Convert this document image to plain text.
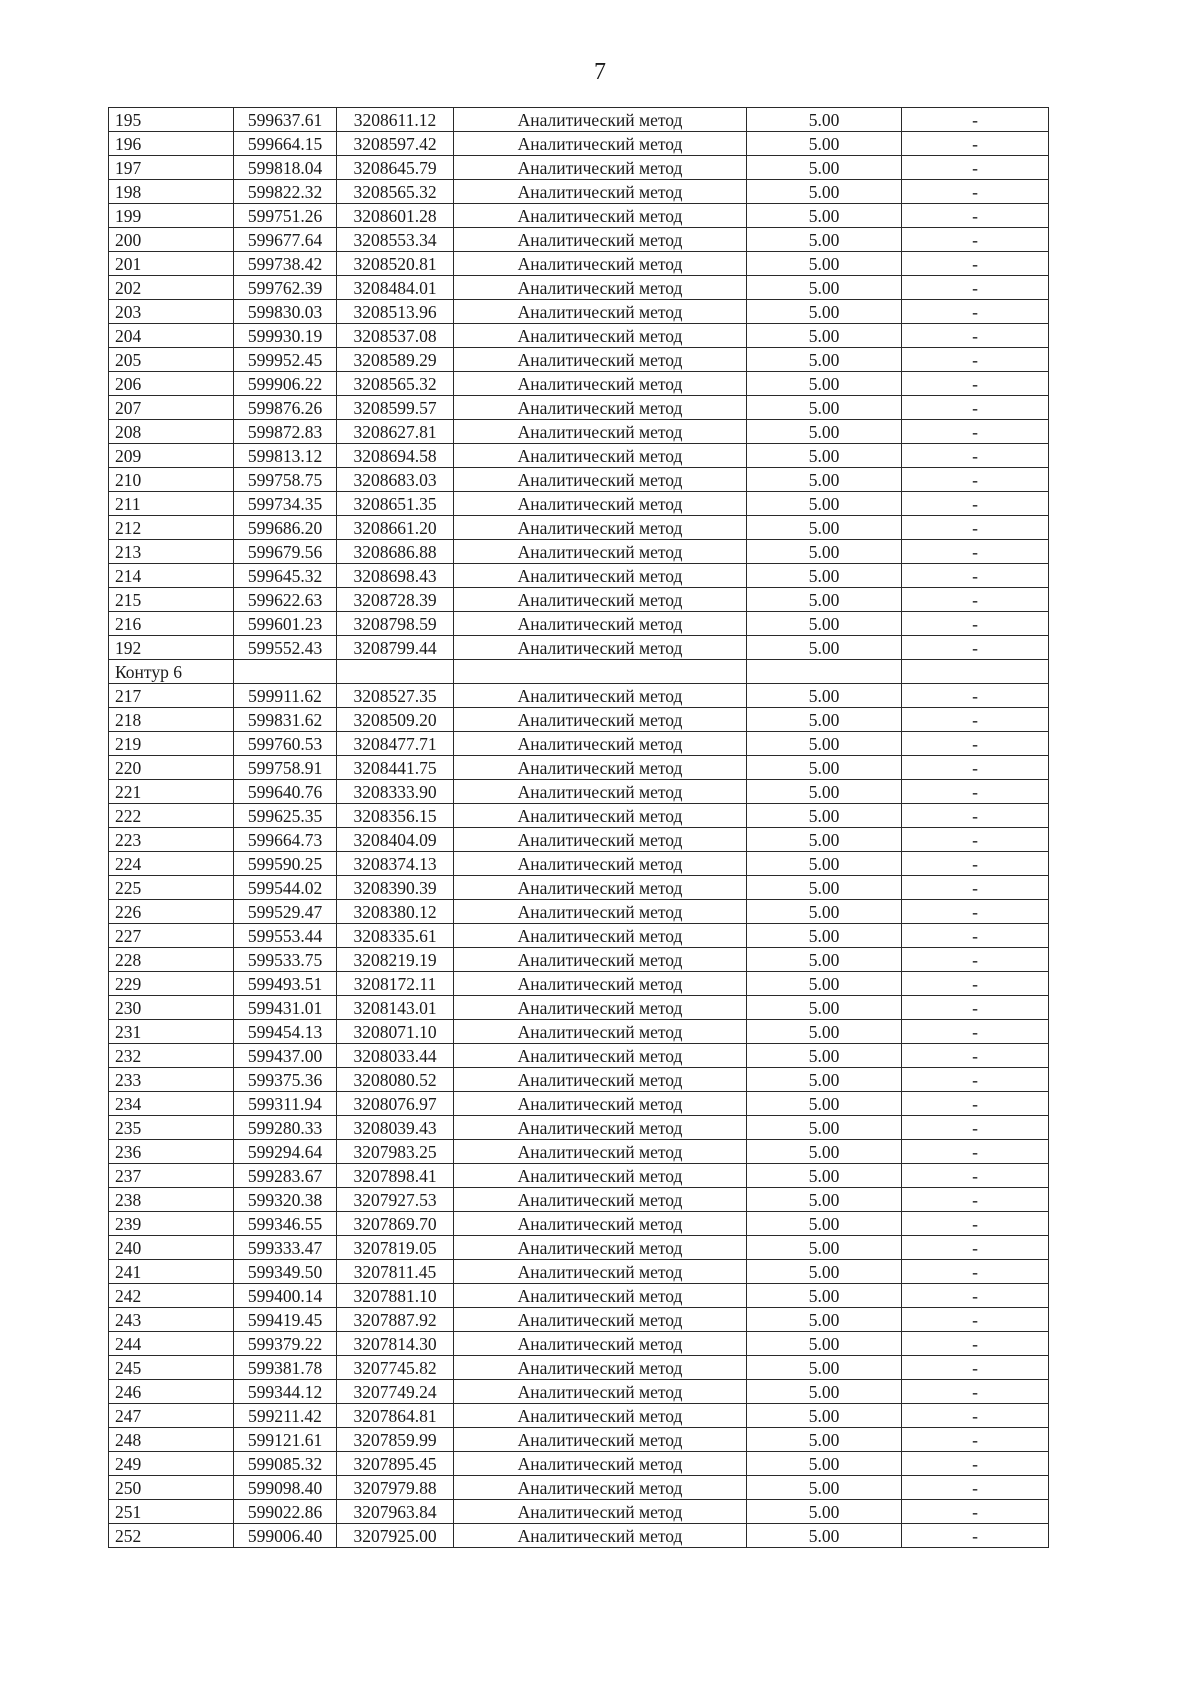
7
195	599637.61	3208611.12	Аналитический метод	5.00	-
196	599664.15	3208597.42	Аналитический метод	5.00	-
197	599818.04	3208645.79	Аналитический метод	5.00	-
198	599822.32	3208565.32	Аналитический метод	5.00	-
199	599751.26	3208601.28	Аналитический метод	5.00	-
200	599677.64	3208553.34	Аналитический метод	5.00	-
201	599738.42	3208520.81	Аналитический метод	5.00	-
202	599762.39	3208484.01	Аналитический метод	5.00	-
203	599830.03	3208513.96	Аналитический метод	5.00	-
204	599930.19	3208537.08	Аналитический метод	5.00	-
205	599952.45	3208589.29	Аналитический метод	5.00	-
206	599906.22	3208565.32	Аналитический метод	5.00	-
207	599876.26	3208599.57	Аналитический метод	5.00	-
208	599872.83	3208627.81	Аналитический метод	5.00	-
209	599813.12	3208694.58	Аналитический метод	5.00	-
210	599758.75	3208683.03	Аналитический метод	5.00	-
211	599734.35	3208651.35	Аналитический метод	5.00	-
212	599686.20	3208661.20	Аналитический метод	5.00	-
213	599679.56	3208686.88	Аналитический метод	5.00	-
214	599645.32	3208698.43	Аналитический метод	5.00	-
215	599622.63	3208728.39	Аналитический метод	5.00	-
216	599601.23	3208798.59	Аналитический метод	5.00	-
192	599552.43	3208799.44	Аналитический метод	5.00	-
Контур 6					
217	599911.62	3208527.35	Аналитический метод	5.00	-
218	599831.62	3208509.20	Аналитический метод	5.00	-
219	599760.53	3208477.71	Аналитический метод	5.00	-
220	599758.91	3208441.75	Аналитический метод	5.00	-
221	599640.76	3208333.90	Аналитический метод	5.00	-
222	599625.35	3208356.15	Аналитический метод	5.00	-
223	599664.73	3208404.09	Аналитический метод	5.00	-
224	599590.25	3208374.13	Аналитический метод	5.00	-
225	599544.02	3208390.39	Аналитический метод	5.00	-
226	599529.47	3208380.12	Аналитический метод	5.00	-
227	599553.44	3208335.61	Аналитический метод	5.00	-
228	599533.75	3208219.19	Аналитический метод	5.00	-
229	599493.51	3208172.11	Аналитический метод	5.00	-
230	599431.01	3208143.01	Аналитический метод	5.00	-
231	599454.13	3208071.10	Аналитический метод	5.00	-
232	599437.00	3208033.44	Аналитический метод	5.00	-
233	599375.36	3208080.52	Аналитический метод	5.00	-
234	599311.94	3208076.97	Аналитический метод	5.00	-
235	599280.33	3208039.43	Аналитический метод	5.00	-
236	599294.64	3207983.25	Аналитический метод	5.00	-
237	599283.67	3207898.41	Аналитический метод	5.00	-
238	599320.38	3207927.53	Аналитический метод	5.00	-
239	599346.55	3207869.70	Аналитический метод	5.00	-
240	599333.47	3207819.05	Аналитический метод	5.00	-
241	599349.50	3207811.45	Аналитический метод	5.00	-
242	599400.14	3207881.10	Аналитический метод	5.00	-
243	599419.45	3207887.92	Аналитический метод	5.00	-
244	599379.22	3207814.30	Аналитический метод	5.00	-
245	599381.78	3207745.82	Аналитический метод	5.00	-
246	599344.12	3207749.24	Аналитический метод	5.00	-
247	599211.42	3207864.81	Аналитический метод	5.00	-
248	599121.61	3207859.99	Аналитический метод	5.00	-
249	599085.32	3207895.45	Аналитический метод	5.00	-
250	599098.40	3207979.88	Аналитический метод	5.00	-
251	599022.86	3207963.84	Аналитический метод	5.00	-
252	599006.40	3207925.00	Аналитический метод	5.00	-
